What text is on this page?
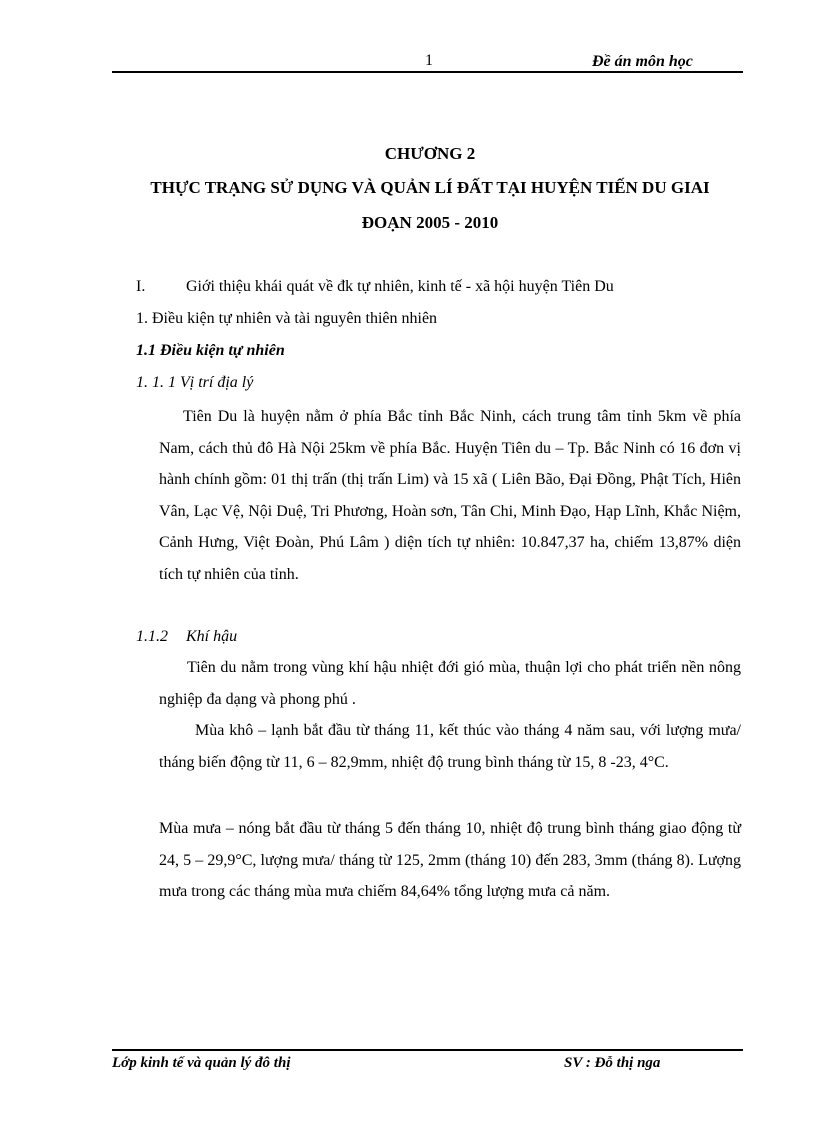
1	Đề án môn học
CHƯƠNG 2
THỰC TRẠNG SỬ DỤNG VÀ QUẢN LÍ ĐẤT TẠI HUYỆN TIẾN DU GIAI
ĐOẠN 2005 - 2010
I.	Giới thiệu khái quát về đk tự nhiên, kinh tế - xã hội huyện Tiên Du
1. Điều kiện tự nhiên và tài nguyên thiên nhiên
1.1 Điều kiện tự nhiên
1. 1. 1 Vị trí địa lý
Tiên Du là huyện nằm ở phía Bắc tỉnh Bắc Ninh, cách trung tâm tỉnh 5km về phía Nam, cách thủ đô Hà Nội 25km về phía Bắc. Huyện Tiên du – Tp. Bắc Ninh có 16 đơn vị hành chính gồm: 01 thị trấn (thị trấn Lim) và 15 xã ( Liên Bão, Đại Đồng, Phật Tích, Hiên Vân, Lạc Vệ, Nội Duệ, Tri Phương, Hoàn sơn, Tân Chi, Minh Đạo, Hạp Lĩnh, Khắc Niệm, Cảnh Hưng, Việt Đoàn, Phú Lâm ) diện tích tự nhiên: 10.847,37 ha, chiếm 13,87% diện tích tự nhiên của tỉnh.
1.1.2 Khí hậu
Tiên du nằm trong vùng khí hậu nhiệt đới gió mùa, thuận lợi cho phát triển nền nông nghiệp đa dạng và phong phú .
Mùa khô – lạnh bắt đầu từ tháng 11, kết thúc vào tháng 4 năm sau, với lượng mưa/ tháng biến động từ 11, 6 – 82,9mm, nhiệt độ trung bình tháng từ 15, 8 -23, 4°C.
Mùa mưa – nóng bắt đầu từ tháng 5 đến tháng 10, nhiệt độ trung bình tháng giao động từ 24, 5 – 29,9°C, lượng mưa/ tháng từ 125, 2mm (tháng 10) đến 283, 3mm (tháng 8). Lượng mưa trong các tháng mùa mưa chiếm 84,64% tổng lượng mưa cả năm.
Lớp kinh tế và quản lý đô thị	SV : Đỗ thị nga
